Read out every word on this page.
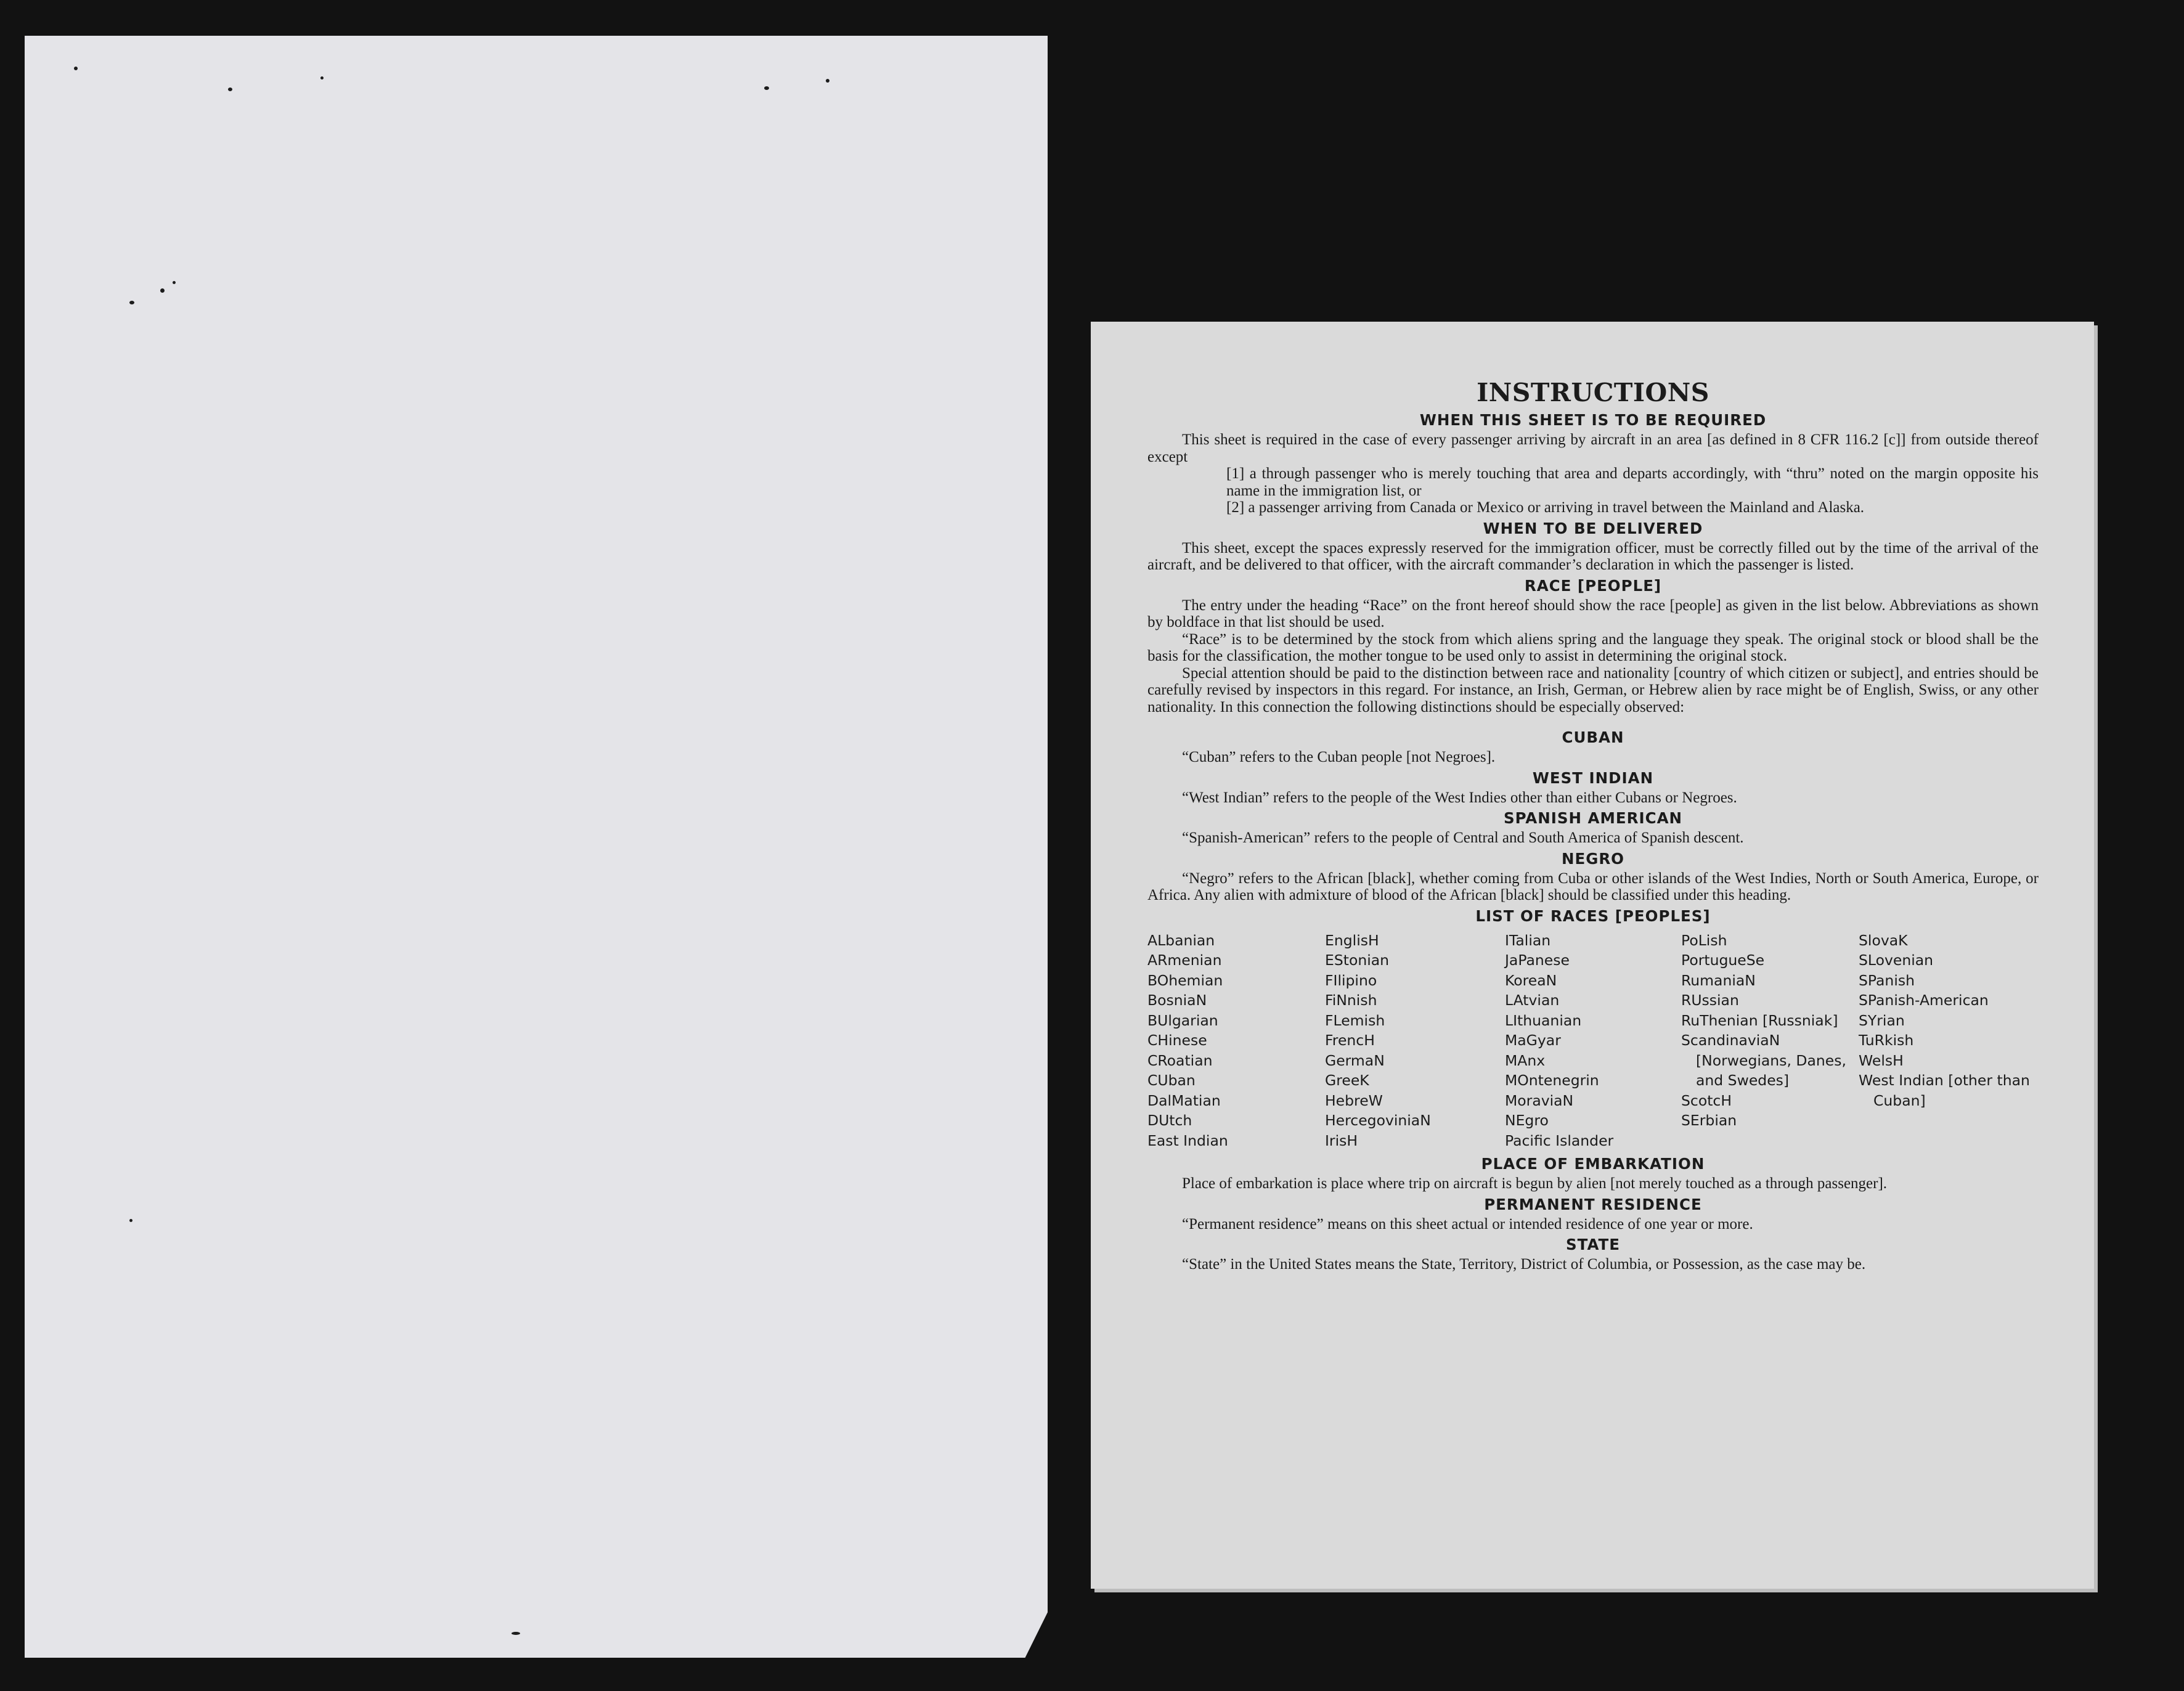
INSTRUCTIONS
WHEN THIS SHEET IS TO BE REQUIRED

This sheet is required in the case of every passenger arriving by aircraft in an area [as defined in 8 CFR 116.2 [c]] from outside thereof except

[1] a through passenger who is merely touching that area and departs accordingly, with “thru” noted on the margin opposite his name in the immigration list, or

[2] a passenger arriving from Canada or Mexico or arriving in travel between the Mainland and Alaska.

WHEN TO BE DELIVERED

This sheet, except the spaces expressly reserved for the immigration officer, must be correctly filled out by the time of the arrival of the aircraft, and be delivered to that officer, with the aircraft commander’s declaration in which the passenger is listed.

RACE [PEOPLE]

The entry under the heading “Race” on the front hereof should show the race [people] as given in the list below. Abbreviations as shown by boldface in that list should be used.

“Race” is to be determined by the stock from which aliens spring and the language they speak. The original stock or blood shall be the basis for the classification, the mother tongue to be used only to assist in determining the original stock.

Special attention should be paid to the distinction between race and nationality [country of which citizen or subject], and entries should be carefully revised by inspectors in this regard. For instance, an Irish, German, or Hebrew alien by race might be of English, Swiss, or any other nationality. In this connection the following distinctions should be especially observed:

CUBAN

“Cuban” refers to the Cuban people [not Negroes].

WEST INDIAN

“West Indian” refers to the people of the West Indies other than either Cubans or Negroes.

SPANISH AMERICAN

“Spanish-American” refers to the people of Central and South America of Spanish descent.

NEGRO

“Negro” refers to the African [black], whether coming from Cuba or other islands of the West Indies, North or South America, Europe, or Africa. Any alien with admixture of blood of the African [black] should be classified under this heading.

LIST OF RACES [PEOPLES]
ALbanian
ARmenian
BOhemian
BosniaN
BUlgarian
CHinese
CRoatian
CUban
DalMatian
DUtch
East Indian
EnglisH
EStonian
FIlipino
FiNnish
FLemish
FrencH
GermaN
GreeK
HebreW
HercegoviniaN
IrisH
ITalian
JaPanese
KoreaN
LAtvian
LIthuanian
MaGyar
MAnx
MOntenegrin
MoraviaN
NEgro
Pacific Islander
PoLish
PortugueSe
RumaniaN
RUssian
RuThenian [Russniak]
ScandinaviaN [Norwegians, Danes, and Swedes]
ScotcH
SErbian
SlovaK
SLovenian
SPanish
SPanish-American
SYrian
TuRkish
WelsH
West Indian [other than Cuban]
PLACE OF EMBARKATION

Place of embarkation is place where trip on aircraft is begun by alien [not merely touched as a through passenger].

PERMANENT RESIDENCE

“Permanent residence” means on this sheet actual or intended residence of one year or more.

STATE

“State” in the United States means the State, Territory, District of Columbia, or Possession, as the case may be.
